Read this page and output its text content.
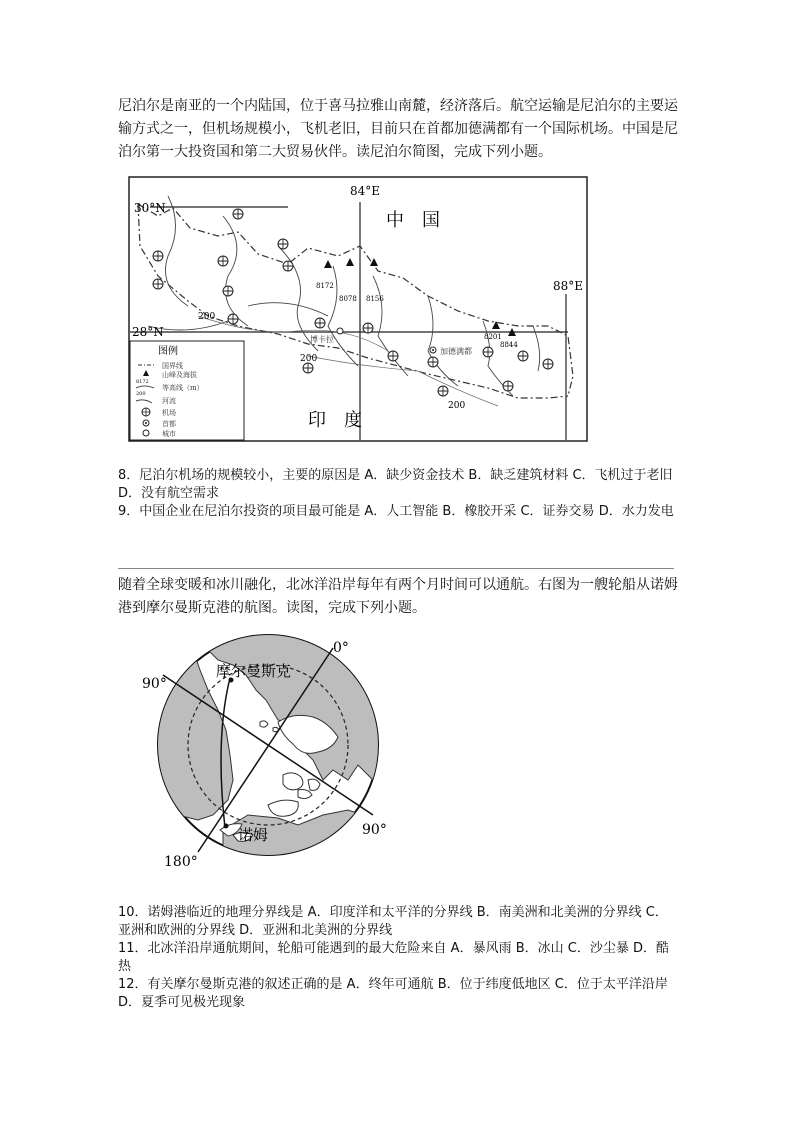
尼泊尔是南亚的一个内陆国，位于喜马拉雅山南麓，经济落后。航空运输是尼泊尔的主要运输方式之一，但机场规模小，飞机老旧，目前只在首都加德满都有一个国际机场。中国是尼泊尔第一大投资国和第二大贸易伙伴。读尼泊尔简图，完成下列小题。

8172
8078 8156
8201
8844
加德满都
博卡拉
84°E
88°E
30°N
28°N
中　国
印　度
200
200
200
图例
8172
200
国界线
山峰及海拔
等高线（m）
河流
机场
首都
城市

8．尼泊尔机场的规模较小，主要的原因是 A．缺少资金技术 B．缺乏建筑材料 C．飞机过于老旧 D．没有航空需求

9．中国企业在尼泊尔投资的项目最可能是 A．人工智能 B．橡胶开采 C．证券交易 D．水力发电

随着全球变暖和冰川融化，北冰洋沿岸每年有两个月时间可以通航。右图为一艘轮船从诺姆港到摩尔曼斯克港的航图。读图，完成下列小题。

摩尔曼斯克
诺姆
0°
90°
90°
180°

10．诺姆港临近的地理分界线是 A．印度洋和太平洋的分界线 B．南美洲和北美洲的分界线 C．亚洲和欧洲的分界线 D．亚洲和北美洲的分界线

11．北冰洋沿岸通航期间，轮船可能遇到的最大危险来自 A．暴风雨 B．冰山 C．沙尘暴 D．酷热

12．有关摩尔曼斯克港的叙述正确的是 A．终年可通航 B．位于纬度低地区 C．位于太平洋沿岸 D．夏季可见极光现象
